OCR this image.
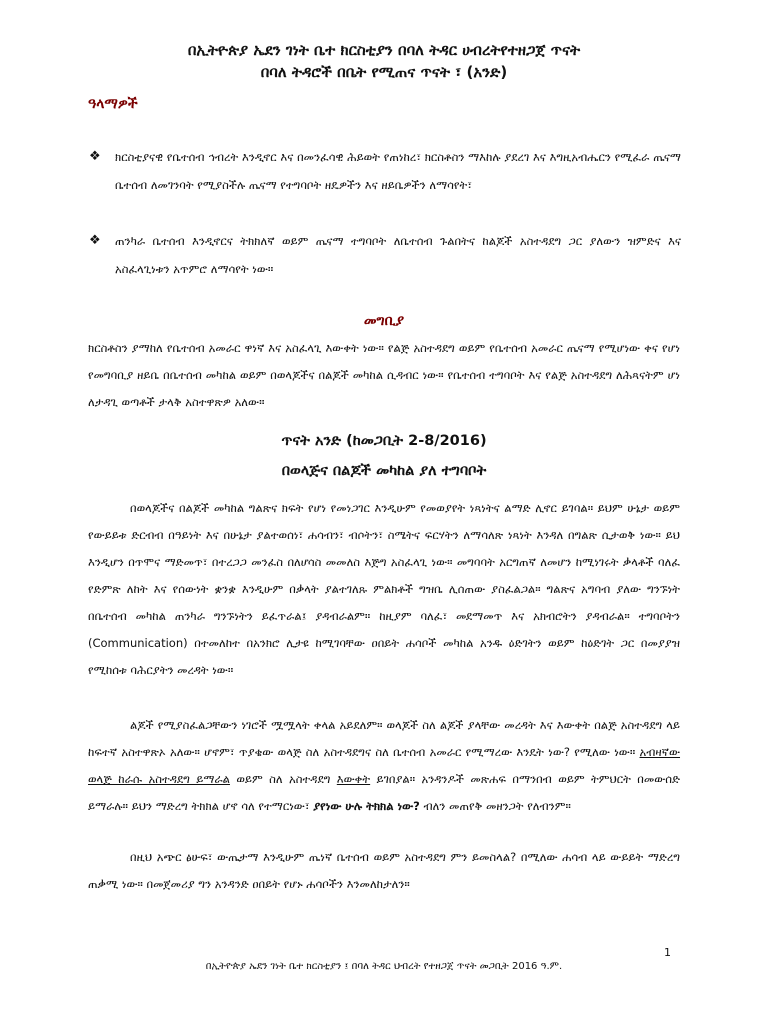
በኢትዮጵያ ኤደን ገነት ቤተ ክርስቲያን በባለ ትዳር ሀብረትየተዘጋጀ ጥናት
በባለ ትዳሮች በቤት የሚጠና ጥናት ፣ (አንድ)
ዓላማዎች
❖	ክርስቲያናዊ የቤተሰብ ኅብረት እንዲኖር እና በመንፈሳዊ ሕይወት የጠነከረ፣ ክርስቶስን ማእከሉ ያደረገ እና እግዚአብሔርን የሚፈራ ጤናማ ቤተሰብ ለመገንባት የሚያስችሉ ጤናማ የተግባቦት ዘዴዎችን እና ዘይቤዎችን ለማሳየት፣
❖	ጠንካራ ቤተሰብ እንዲኖርና ትክክለኛ ወይም ጤናማ ተግባቦት ለቤተሰብ ጉልበትና ከልጆች አስተዳደግ ጋር ያለውን ዝምድና እና አስፈላጊነቱን አጥምሮ ለማሳየት ነው።
መግቢያ
ክርስቶስን ያማከለ የቤተሰብ አመራር ዋነኛ እና አስፈላጊ እውቀት ነው። የልጅ አስተዳደግ ወይም የቤተሰብ አመራር ጤናማ የሚሆነው ቀና የሆነ የመግባቢያ ዘይቤ በቤተሰብ መካከል ወይም በወላጆችና በልጆች መካከል ሲዳብር ነው። የቤተሰብ ተግባቦት እና የልጅ አስተዳደግ ለሕጻናትም ሆነ ለታዳጊ ወጣቶች ታላቅ አስተዋጽዎ አለው።
ጥናት አንድ (ከመጋቢት 2-8/2016)
በወላጅና በልጆች መካከል ያለ ተግባቦት
በወላጆችና በልጆች መካከል ግልጽና ክፍት የሆነ የመነጋገር እንዲሁም የመወያየት ነጻነትና ልማድ ሊኖር ይገባል። ይህም ሁኔታ ወይም የውይይቱ ድርብብ በዓይነት እና በሁኔታ ያልተወሰነ፣ ሐሳብን፣ ብሶትን፣ ስሜትና ፍርሃትን ለማሳለጽ ነጻነት እንዳለ በግልጽ ሲታወቅ ነው። ይህ እንዲሆን በጥሞና ማድመጥ፣ በተረጋጋ መንፈስ በለሆሳስ መመለስ እጅግ አስፈላጊ ነው። መግባባት አርግጠኛ ለመሆን ከሚነገሩት ቃላቶች ባለፈ የድምጽ ለከት እና የሰውነት ቋንቋ እንዲሁም በቃላት ያልተገለጹ ምልክቶች ግዝቤ ሊሰጠው ያስፈልጋል። ግልጽና አግባብ ያለው ግንኙነት በቤተሰብ መካከል ጠንካራ ግንኙነትን ይፈጥራል፤ ያዳብራልም። ከዚያም ባለፈ፣ መደማመጥ እና አክብሮትን ያዳብራል። ተግባቦትን (Communication) በተመለከተ በአንክሮ ሊታዩ ከሚገባቸው ዐበይት ሐሳቦች መካከል አንዱ ዕድገትን ወይም ከዕድገት ጋር በመያያዝ የሚከሰቱ ባሕርያትን መረዳት ነው።
ልጆች የሚያስፈልጋቸውን ነገሮች ሟሟላት ቀላል አይደለም። ወላጆች ስለ ልጆች ያላቸው መረዳት እና እውቀት በልጅ አስተዳደግ ላይ ከፍተኛ አስተዋጽኦ አለው። ሆኖም፣ ጥያቄው ወላጅ ስለ አስተዳደግና ስለ ቤተሰብ አመራር የሚማረው እንዴት ነው? የሚለው ነው። አብዛኛው ወላጅ ከራሱ አስተዳደግ ይማራል ወይም ስለ አስተዳደግ እውቀት ይገበያል። አንዳንዶች መጽሐፍ በማንበብ ወይም ትምህርት በመውሰድ ይማራሉ። ይህን ማድረግ ትክክል ሆኖ ሳለ የተማርነው፣ ያየነው ሁሉ ትክክል ነው? ብለን መጠየቅ መዘንጋት የለብንም።
በዚህ አጭር ፅሁፍ፣ ውጤታማ እንዲሁም ጤነኛ ቤተሰብ ወይም አስተዳደግ ምን ይመስላል? በሚለው ሐሳብ ላይ ውይይት ማድረግ ጠቃሚ ነው። በመጀመሪያ ግን አንዳንድ ዐበይት የሆኑ ሐሳቦችን እንመለከታለን።
1
በኢትዮጵያ ኤደን ገነት ቤተ ክርስቲያን ፤ በባለ ትዳር ህብረት የተዘጋጀ ጥናት መጋቢት 2016 ዓ.ም.
